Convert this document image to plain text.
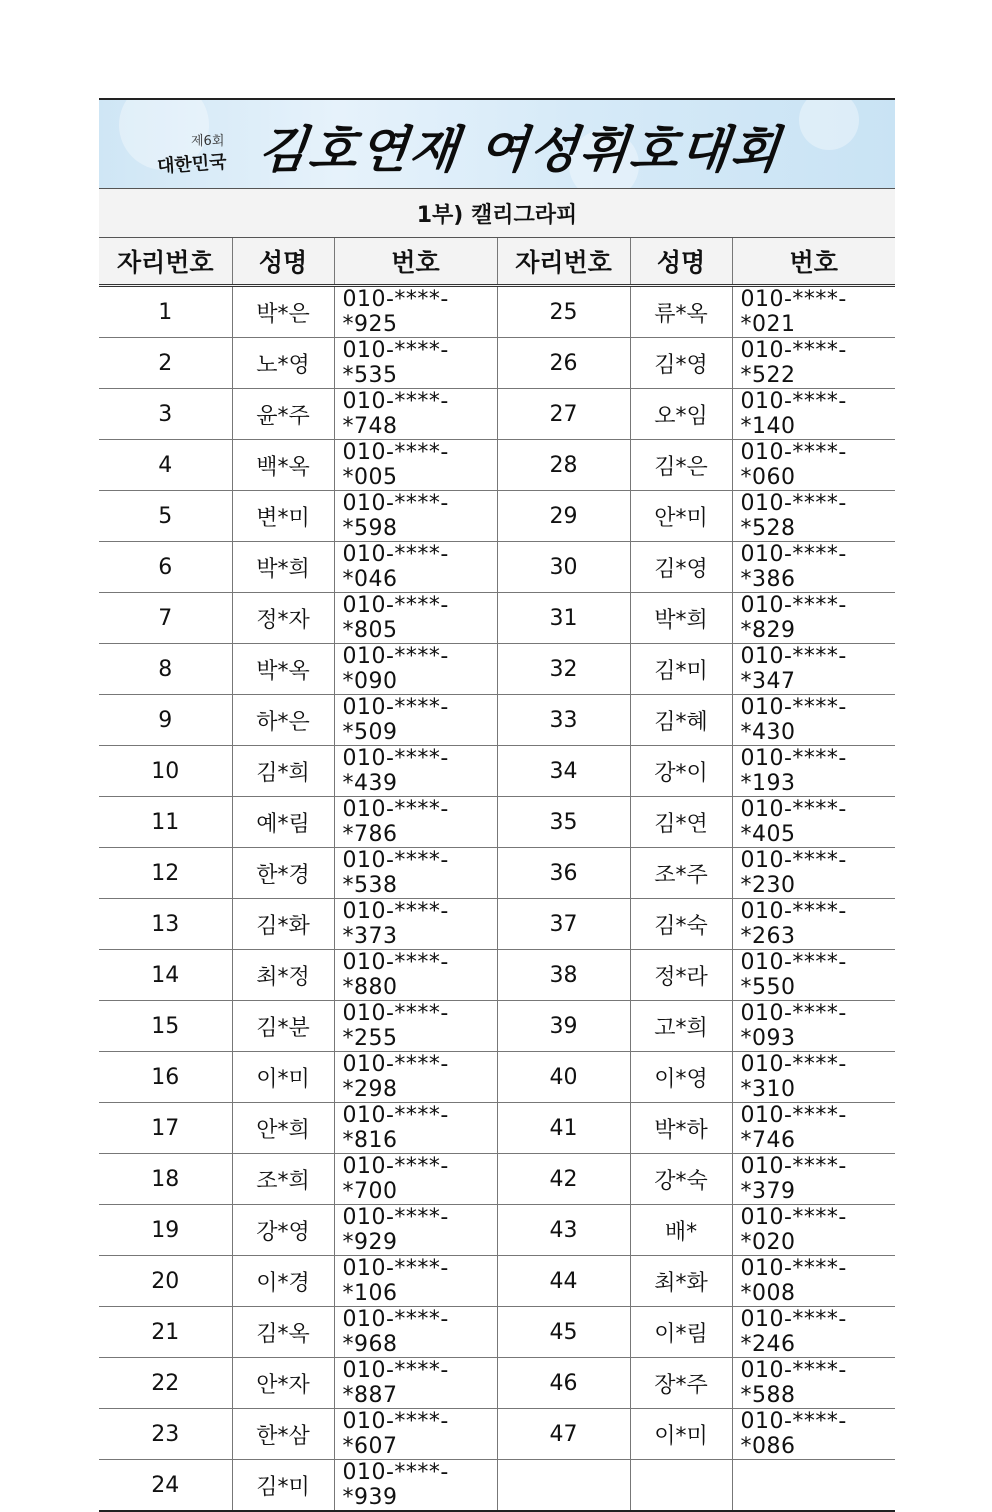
제6회
대한민국 김호연재 여성휘호대회
1부) 캘리그라피
자리번호	성명	번호	자리번호	성명	번호
1	박*은	010-****-*925	25	류*옥	010-****-*021
2	노*영	010-****-*535	26	김*영	010-****-*522
3	윤*주	010-****-*748	27	오*임	010-****-*140
4	백*옥	010-****-*005	28	김*은	010-****-*060
5	변*미	010-****-*598	29	안*미	010-****-*528
6	박*희	010-****-*046	30	김*영	010-****-*386
7	정*자	010-****-*805	31	박*희	010-****-*829
8	박*옥	010-****-*090	32	김*미	010-****-*347
9	하*은	010-****-*509	33	김*혜	010-****-*430
10	김*희	010-****-*439	34	강*이	010-****-*193
11	예*림	010-****-*786	35	김*연	010-****-*405
12	한*경	010-****-*538	36	조*주	010-****-*230
13	김*화	010-****-*373	37	김*숙	010-****-*263
14	최*정	010-****-*880	38	정*라	010-****-*550
15	김*분	010-****-*255	39	고*희	010-****-*093
16	이*미	010-****-*298	40	이*영	010-****-*310
17	안*희	010-****-*816	41	박*하	010-****-*746
18	조*희	010-****-*700	42	강*숙	010-****-*379
19	강*영	010-****-*929	43	배*	010-****-*020
20	이*경	010-****-*106	44	최*화	010-****-*008
21	김*옥	010-****-*968	45	이*림	010-****-*246
22	안*자	010-****-*887	46	장*주	010-****-*588
23	한*삼	010-****-*607	47	이*미	010-****-*086
24	김*미	010-****-*939			
